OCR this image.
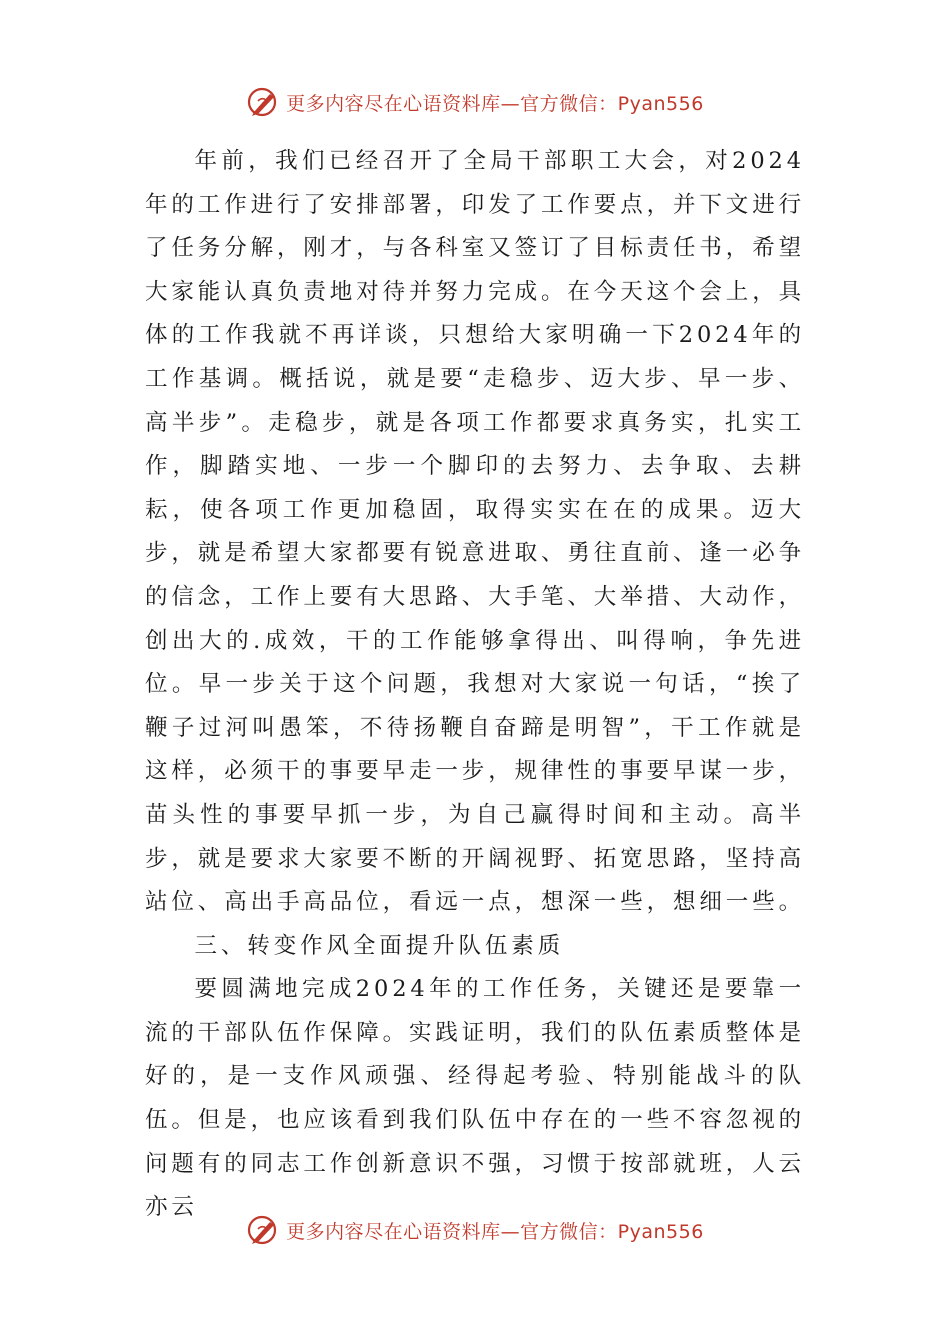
更多内容尽在心语资料库—官方微信：Pyan556

年前，我们已经召开了全局干部职工大会，对2024年的工作进行了安排部署，印发了工作要点，并下文进行了任务分解，刚才，与各科室又签订了目标责任书，希望大家能认真负责地对待并努力完成。在今天这个会上，具体的工作我就不再详谈，只想给大家明确一下2024年的工作基调。概括说，就是要“走稳步、迈大步、早一步、高半步”。走稳步，就是各项工作都要求真务实，扎实工作，脚踏实地、一步一个脚印的去努力、去争取、去耕耘，使各项工作更加稳固，取得实实在在的成果。迈大步，就是希望大家都要有锐意进取、勇往直前、逢一必争的信念，工作上要有大思路、大手笔、大举措、大动作，创出大的.成效，干的工作能够拿得出、叫得响，争先进位。早一步关于这个问题，我想对大家说一句话，“挨了鞭子过河叫愚笨，不待扬鞭自奋蹄是明智”，干工作就是这样，必须干的事要早走一步，规律性的事要早谋一步，苗头性的事要早抓一步，为自己赢得时间和主动。高半步，就是要求大家要不断的开阔视野、拓宽思路，坚持高站位、高出手高品位，看远一点，想深一些，想细一些。

三、转变作风全面提升队伍素质

要圆满地完成2024年的工作任务，关键还是要靠一流的干部队伍作保障。实践证明，我们的队伍素质整体是好的，是一支作风顽强、经得起考验、特别能战斗的队伍。但是，也应该看到我们队伍中存在的一些不容忽视的问题有的同志工作创新意识不强，习惯于按部就班，人云亦云

更多内容尽在心语资料库—官方微信：Pyan556
